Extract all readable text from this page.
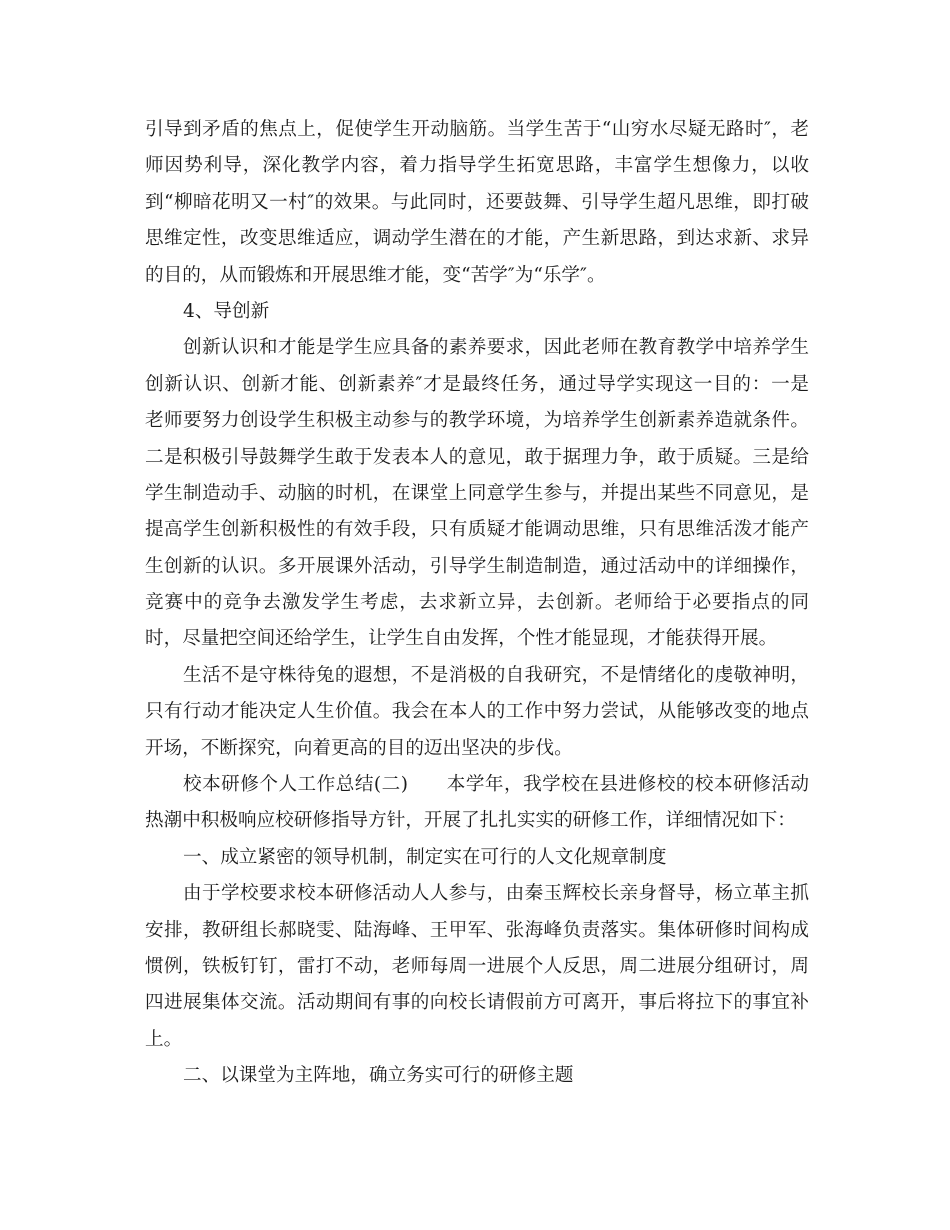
引导到矛盾的焦点上，促使学生开动脑筋。当学生苦于“山穷水尽疑无路时″，老
师因势利导，深化教学内容，着力指导学生拓宽思路，丰富学生想像力，以收
到“柳暗花明又一村″的效果。与此同时，还要鼓舞、引导学生超凡思维，即打破
思维定性，改变思维适应，调动学生潜在的才能，产生新思路，到达求新、求异
的目的，从而锻炼和开展思维才能，变“苦学″为“乐学″。
4、导创新
创新认识和才能是学生应具备的素养要求，因此老师在教育教学中培养学生
创新认识、创新才能、创新素养″才是最终任务，通过导学实现这一目的：一是
老师要努力创设学生积极主动参与的教学环境，为培养学生创新素养造就条件。
二是积极引导鼓舞学生敢于发表本人的意见，敢于据理力争，敢于质疑。三是给
学生制造动手、动脑的时机，在课堂上同意学生参与，并提出某些不同意见，是
提高学生创新积极性的有效手段，只有质疑才能调动思维，只有思维活泼才能产
生创新的认识。多开展课外活动，引导学生制造制造，通过活动中的详细操作，
竞赛中的竞争去激发学生考虑，去求新立异，去创新。老师给于必要指点的同
时，尽量把空间还给学生，让学生自由发挥，个性才能显现，才能获得开展。
生活不是守株待兔的遐想，不是消极的自我研究，不是情绪化的虔敬神明，
只有行动才能决定人生价值。我会在本人的工作中努力尝试，从能够改变的地点
开场，不断探究，向着更高的目的迈出坚决的步伐。
校本研修个人工作总结(二)　　本学年，我学校在县进修校的校本研修活动
热潮中积极响应校研修指导方针，开展了扎扎实实的研修工作，详细情况如下：
一、成立紧密的领导机制，制定实在可行的人文化规章制度
由于学校要求校本研修活动人人参与，由秦玉辉校长亲身督导，杨立革主抓
安排，教研组长郝晓雯、陆海峰、王甲军、张海峰负责落实。集体研修时间构成
惯例，铁板钉钉，雷打不动，老师每周一进展个人反思，周二进展分组研讨，周
四进展集体交流。活动期间有事的向校长请假前方可离开，事后将拉下的事宜补
上。
二、以课堂为主阵地，确立务实可行的研修主题
